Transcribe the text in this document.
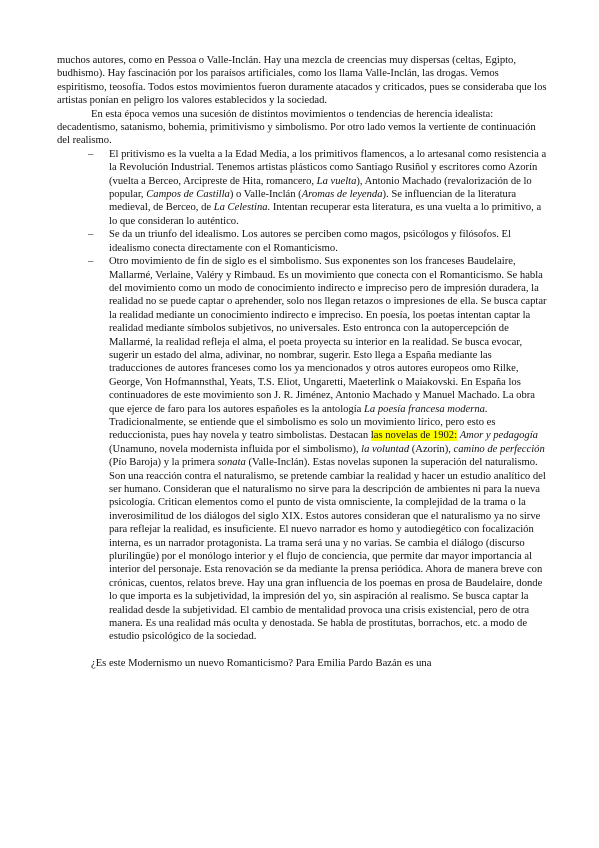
muchos autores, como en Pessoa o Valle-Inclán. Hay una mezcla de creencias muy dispersas (celtas, Egipto, budhismo). Hay fascinación por los paraísos artificiales, como los llama Valle-Inclán, las drogas. Vemos espiritismo, teosofía. Todos estos movimientos fueron duramente atacados y criticados, pues se consideraba que los artistas ponían en peligro los valores establecidos y la sociedad.

En esta época vemos una sucesión de distintos movimientos o tendencias de herencia idealista: decadentismo, satanismo, bohemia, primitivismo y simbolismo. Por otro lado vemos la vertiente de continuación del realismo.

– El pritivismo es la vuelta a la Edad Media, a los primitivos flamencos, a lo artesanal como resistencia a la Revolución Industrial. Tenemos artistas plásticos como Santiago Rusiñol y escritores como Azorín (vuelta a Berceo, Arcipreste de Hita, romancero, La vuelta), Antonio Machado (revalorización de lo popular, Campos de Castilla) o Valle-Inclán (Aromas de leyenda). Se influencian de la literatura medieval, de Berceo, de La Celestina. Intentan recuperar esta literatura, es una vuelta a lo primitivo, a lo que consideran lo auténtico.
– Se da un triunfo del idealismo. Los autores se perciben como magos, psicólogos y filósofos. El idealismo conecta directamente con el Romanticismo.
– Otro movimiento de fin de siglo es el simbolismo. Sus exponentes son los franceses Baudelaire, Mallarmé, Verlaine, Valéry y Rimbaud. Es un movimiento que conecta con el Romanticismo. Se habla del movimiento como un modo de conocimiento indirecto e impreciso pero de impresión duradera, la realidad no se puede captar o aprehender, solo nos llegan retazos o impresiones de ella. Se busca captar la realidad mediante un conocimiento indirecto e impreciso. En poesía, los poetas intentan captar la realidad mediante símbolos subjetivos, no universales. Esto entronca con la autopercepción de Mallarmé, la realidad refleja el alma, el poeta proyecta su interior en la realidad. Se busca evocar, sugerir un estado del alma, adivinar, no nombrar, sugerir. Esto llega a España mediante las traducciones de autores franceses como los ya mencionados y otros autores europeos omo Rilke, George, Von Hofmannsthal, Yeats, T.S. Eliot, Ungaretti, Maeterlink o Maiakovski. En España los continuadores de este movimiento son J. R. Jiménez, Antonio Machado y Manuel Machado. La obra que ejerce de faro para los autores españoles es la antología La poesía francesa moderna. Tradicionalmente, se entiende que el simbolismo es solo un movimiento lírico, pero esto es reduccionista, pues hay novela y teatro simbolistas. Destacan las novelas de 1902: Amor y pedagogía (Unamuno, novela modernista influida por el simbolismo), la voluntad (Azorín), camino de perfección (Pío Baroja) y la primera sonata (Valle-Inclán). Estas novelas suponen la superación del naturalismo. Son una reacción contra el naturalismo, se pretende cambiar la realidad y hacer un estudio analítico del ser humano. Consideran que el naturalismo no sirve para la descripción de ambientes ni para la nueva psicología. Critican elementos como el punto de vista omnisciente, la complejidad de la trama o la inverosimilitud de los diálogos del siglo XIX. Estos autores consideran que el naturalismo ya no sirve para reflejar la realidad, es insuficiente. El nuevo narrador es homo y autodiegético con focalización interna, es un narrador protagonista. La trama será una y no varias. Se cambia el diálogo (discurso plurilingüe) por el monólogo interior y el flujo de conciencia, que permite dar mayor importancia al interior del personaje. Esta renovación se da mediante la prensa periódica. Ahora de manera breve con crónicas, cuentos, relatos breve. Hay una gran influencia de los poemas en prosa de Baudelaire, donde lo que importa es la subjetividad, la impresión del yo, sin aspiración al realismo. Se busca captar la realidad desde la subjetividad. El cambio de mentalidad provoca una crisis existencial, pero de otra manera. Es una realidad más oculta y denostada. Se habla de prostitutas, borrachos, etc. a modo de estudio psicológico de la sociedad.

¿Es este Modernismo un nuevo Romanticismo? Para Emilia Pardo Bazán es una
